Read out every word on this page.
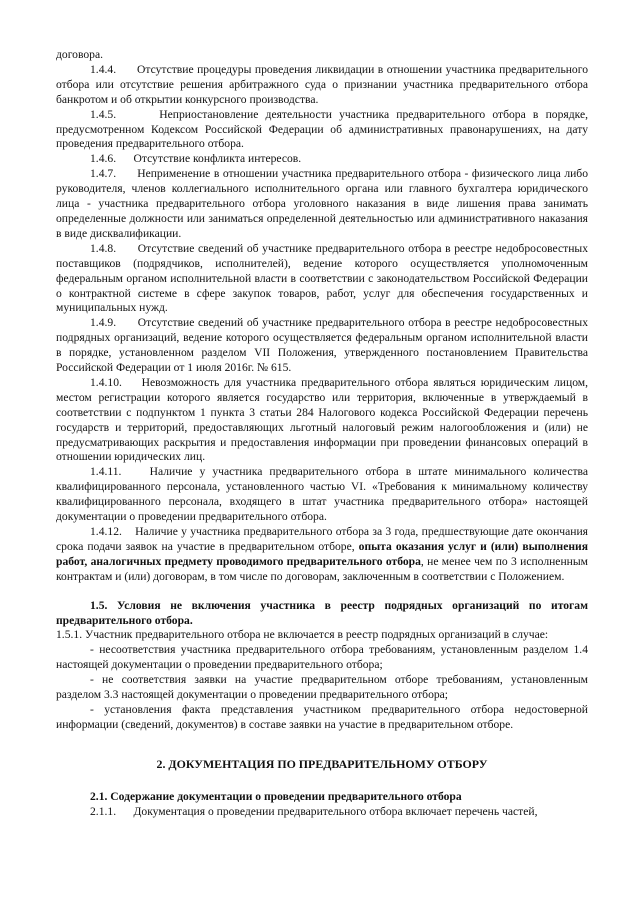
договора.

1.4.4. Отсутствие процедуры проведения ликвидации в отношении участника предварительного отбора или отсутствие решения арбитражного суда о признании участника предварительного отбора банкротом и об открытии конкурсного производства.

1.4.5.	Неприостановление деятельности участника предварительного отбора в порядке, предусмотренном Кодексом Российской Федерации об административных правонарушениях, на дату проведения предварительного отбора.

1.4.6. Отсутствие конфликта интересов.

1.4.7. Неприменение в отношении участника предварительного отбора - физического лица либо руководителя, членов коллегиального исполнительного органа или главного бухгалтера юридического лица - участника предварительного отбора уголовного наказания в виде лишения права занимать определенные должности или заниматься определенной деятельностью или административного наказания в виде дисквалификации.

1.4.8. Отсутствие сведений об участнике предварительного отбора в реестре недобросовестных поставщиков (подрядчиков, исполнителей), ведение которого осуществляется уполномоченным федеральным органом исполнительной власти в соответствии с законодательством Российской Федерации о контрактной системе в сфере закупок товаров, работ, услуг для обеспечения государственных и муниципальных нужд.

1.4.9. Отсутствие сведений об участнике предварительного отбора в реестре недобросовестных подрядных организаций, ведение которого осуществляется федеральным органом исполнительной власти в порядке, установленном разделом VII Положения, утвержденного постановлением Правительства Российской Федерации от 1 июля 2016г. № 615.

1.4.10. Невозможность для участника предварительного отбора являться юридическим лицом, местом регистрации которого является государство или территория, включенные в утверждаемый в соответствии с подпунктом 1 пункта 3 статьи 284 Налогового кодекса Российской Федерации перечень государств и территорий, предоставляющих льготный налоговый режим налогообложения и (или) не предусматривающих раскрытия и предоставления информации при проведении финансовых операций в отношении юридических лиц.

1.4.11. Наличие у участника предварительного отбора в штате минимального количества квалифицированного персонала, установленного частью VI. «Требования к минимальному количеству квалифицированного персонала, входящего в штат участника предварительного отбора» настоящей документации о проведении предварительного отбора.

1.4.12. Наличие у участника предварительного отбора за 3 года, предшествующие дате окончания срока подачи заявок на участие в предварительном отборе, опыта оказания услуг и (или) выполнения работ, аналогичных предмету проводимого предварительного отбора, не менее чем по 3 исполненным контрактам и (или) договорам, в том числе по договорам, заключенным в соответствии с Положением.

1.5. Условия не включения участника в реестр подрядных организаций по итогам предварительного отбора.

1.5.1. Участник предварительного отбора не включается в реестр подрядных организаций в случае:

- несоответствия участника предварительного отбора требованиям, установленным разделом 1.4 настоящей документации о проведении предварительного отбора;

- не соответствия заявки на участие предварительном отборе требованиям, установленным разделом 3.3 настоящей документации о проведении предварительного отбора;

- установления факта представления участником предварительного отбора недостоверной информации (сведений, документов) в составе заявки на участие в предварительном отборе.

2. ДОКУМЕНТАЦИЯ ПО ПРЕДВАРИТЕЛЬНОМУ ОТБОРУ

2.1. Содержание документации о проведении предварительного отбора

2.1.1. Документация о проведении предварительного отбора включает перечень частей,
